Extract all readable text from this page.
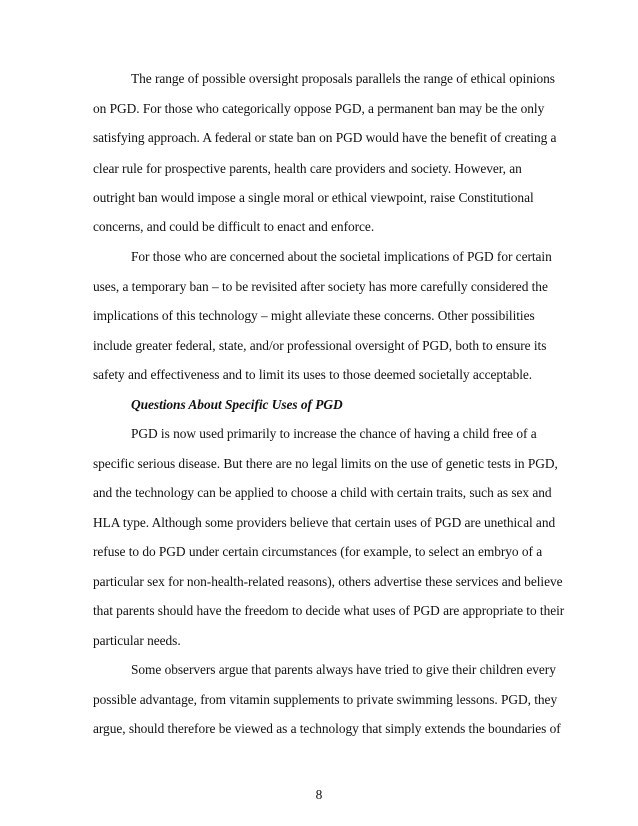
The range of possible oversight proposals parallels the range of ethical opinions
on PGD. For those who categorically oppose PGD, a permanent ban may be the only
satisfying approach. A federal or state ban on PGD would have the benefit of creating a
clear rule for prospective parents, health care providers and society. However, an
outright ban would impose a single moral or ethical viewpoint, raise Constitutional
concerns, and could be difficult to enact and enforce.
For those who are concerned about the societal implications of PGD for certain
uses, a temporary ban – to be revisited after society has more carefully considered the
implications of this technology – might alleviate these concerns. Other possibilities
include greater federal, state, and/or professional oversight of PGD, both to ensure its
safety and effectiveness and to limit its uses to those deemed societally acceptable.
Questions About Specific Uses of PGD
PGD is now used primarily to increase the chance of having a child free of a
specific serious disease. But there are no legal limits on the use of genetic tests in PGD,
and the technology can be applied to choose a child with certain traits, such as sex and
HLA type. Although some providers believe that certain uses of PGD are unethical and
refuse to do PGD under certain circumstances (for example, to select an embryo of a
particular sex for non-health-related reasons), others advertise these services and believe
that parents should have the freedom to decide what uses of PGD are appropriate to their
particular needs.
Some observers argue that parents always have tried to give their children every
possible advantage, from vitamin supplements to private swimming lessons. PGD, they
argue, should therefore be viewed as a technology that simply extends the boundaries of
8
